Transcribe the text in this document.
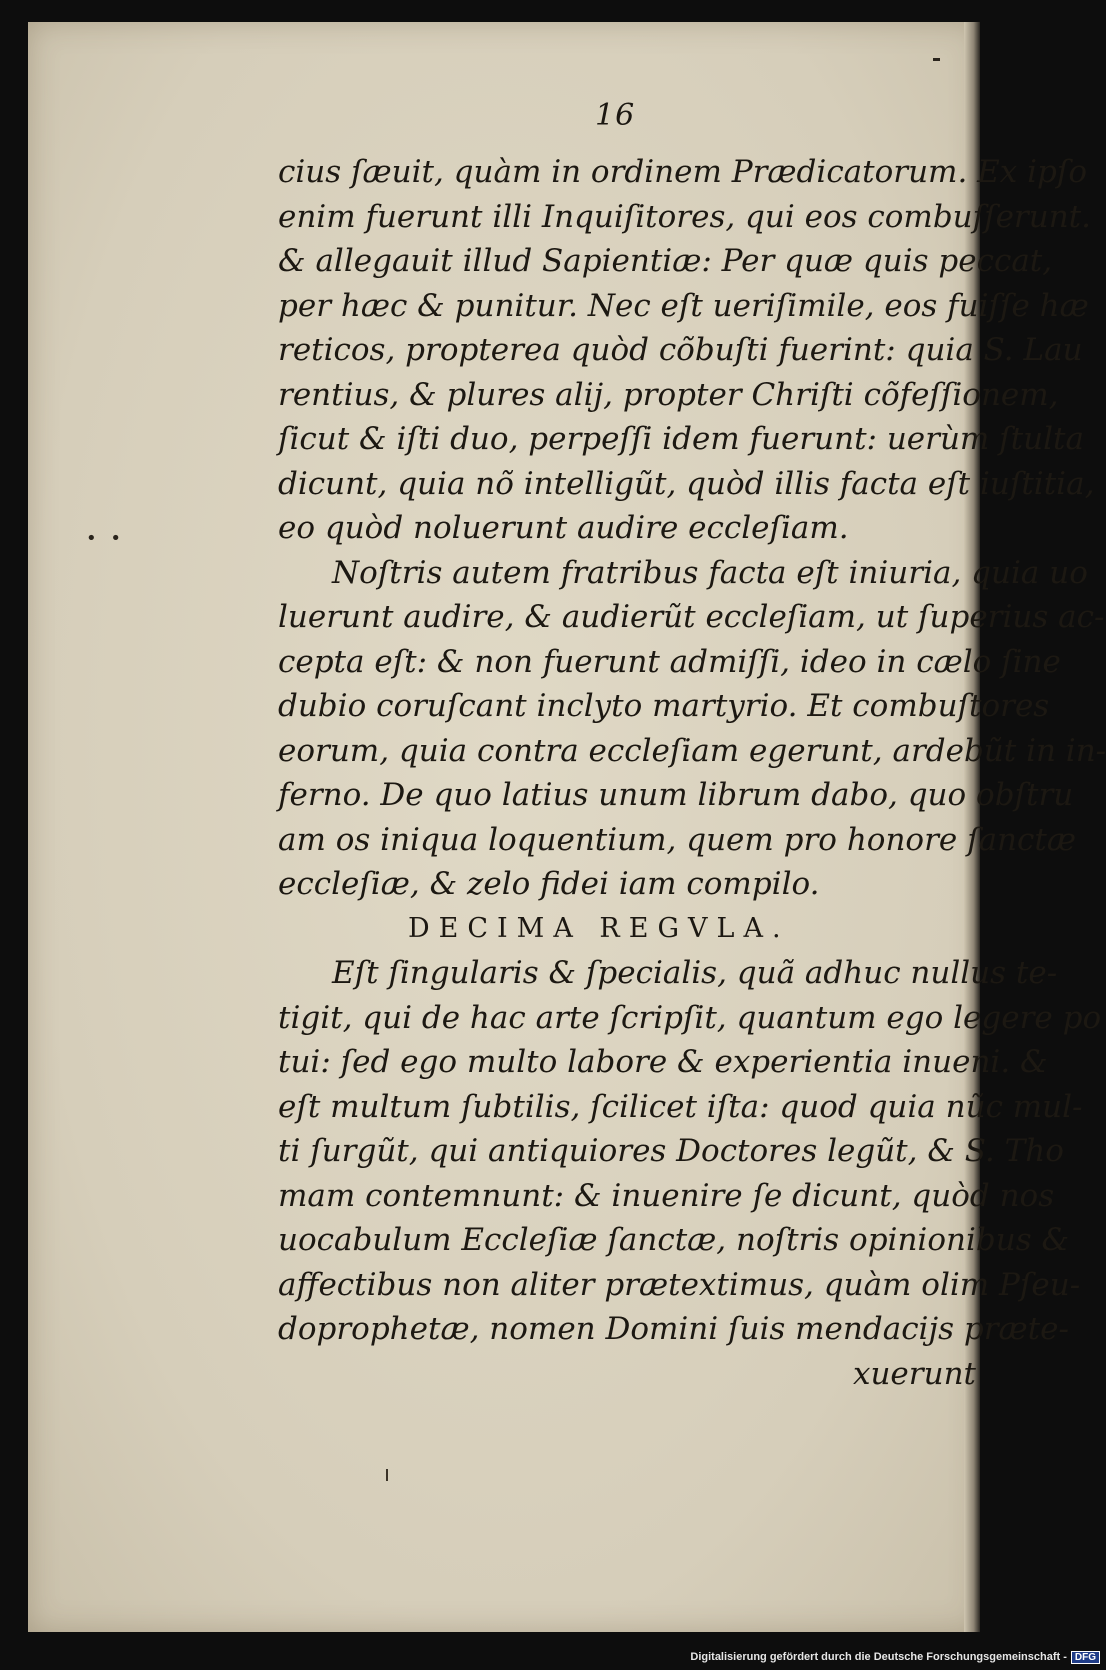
16
• •
cius ſæuit, quàm in ordinem Prædicatorum. Ex ipſo
enim fuerunt illi Inquiſitores, qui eos combuſſerunt.
& allegauit illud Sapientiæ: Per quæ quis peccat,
per hæc & punitur. Nec eſt ueriſimile, eos fuiſſe hæ
reticos, propterea quòd cõbuſti fuerint: quia S. Lau
rentius, & plures alij, propter Chriſti cõfeſſionem,
ſicut & iſti duo, perpeſſi idem fuerunt: uerùm ſtulta
dicunt, quia nõ intelligũt, quòd illis facta eſt iuſtitia,
eo quòd noluerunt audire eccleſiam.
Noſtris autem fratribus facta eſt iniuria, quia uo
luerunt audire, & audierũt eccleſiam, ut ſuperius ac-
cepta eſt: & non fuerunt admiſſi, ideo in cælo ſine
dubio coruſcant inclyto martyrio. Et combuſtores
eorum, quia contra eccleſiam egerunt, ardebũt in in-
ferno. De quo latius unum librum dabo, quo obſtru
am os iniqua loquentium, quem pro honore ſanctæ
eccleſiæ, & zelo fidei iam compilo.
DECIMA REGVLA.
Eſt ſingularis & ſpecialis, quã adhuc nullus te-
tigit, qui de hac arte ſcripſit, quantum ego legere po
tui: ſed ego multo labore & experientia inueni. &
eſt multum ſubtilis, ſcilicet iſta: quod quia nũc mul-
ti ſurgũt, qui antiquiores Doctores legũt, & S. Tho
mam contemnunt: & inuenire ſe dicunt, quòd nos
uocabulum Eccleſiæ ſanctæ, noſtris opinionibus &
affectibus non aliter prætextimus, quàm olim Pſeu-
doprophetæ, nomen Domini ſuis mendacijs præte-
xuerunt
Digitalisierung gefördert durch die Deutsche Forschungsgemeinschaft - DFG
